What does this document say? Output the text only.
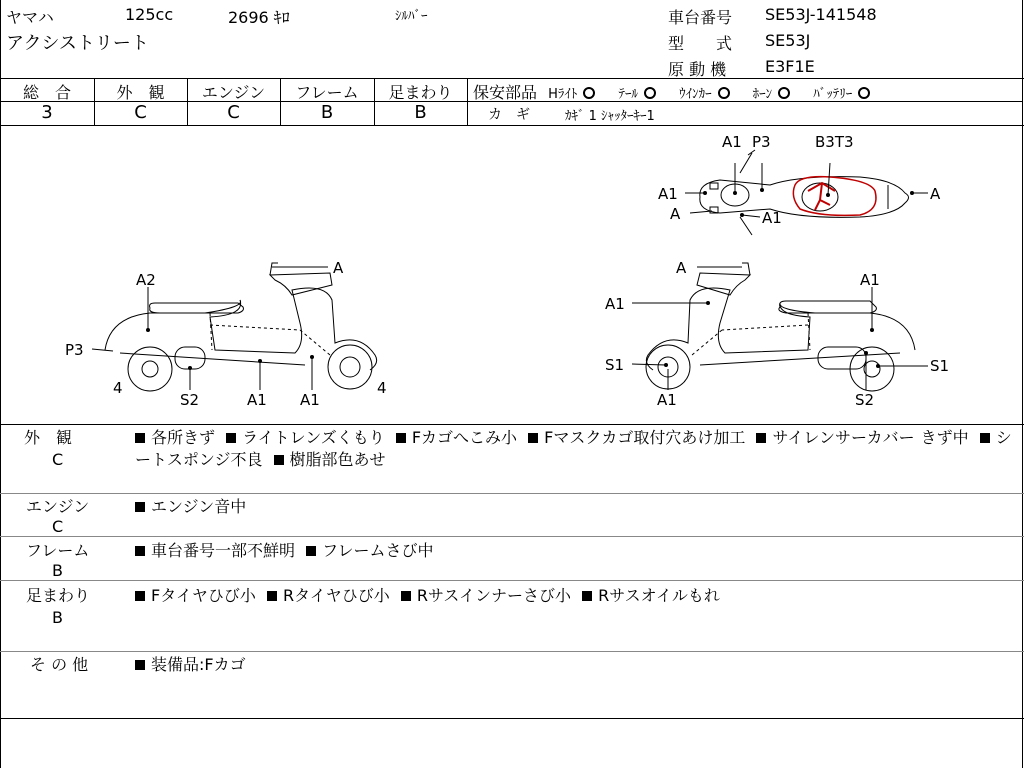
ヤマハ	125cc	2696 ｷﾛ	ｼﾙﾊﾞｰ
アクシストリート
車台番号 SE53J-141548
型　　式 SE53J
原 動 機 E3F1E
総　合	外　観	エンジン	フレーム	足まわり
3	C	C	B	B
保安部品 Hﾗｲﾄ	ﾃｰﾙ	ｳｲﾝｶｰ	ﾎｰﾝ	ﾊﾞｯﾃﾘｰ
カ　ギ	ｶｷﾞ 1 ｼｬｯﾀｰｷｰ1
A1 P3	B3T3
A1	A
A	A1
A
A2
P3
4
S2	A1 A1
4
A
A1
A1
S1	S1
A1	S2
外　観
C
各所きず ライトレンズくもり Fカゴへこみ小 Fマスクカゴ取付穴あけ加工 サイレンサーカバー きず中 シートスポンジ不良 樹脂部色あせ
エンジン
C
エンジン音中
フレーム
B
車台番号一部不鮮明 フレームさび中
足まわり
B
Fタイヤひび小 Rタイヤひび小 Rサスインナーさび小 Rサスオイルもれ
そ の 他	装備品:Fカゴ
